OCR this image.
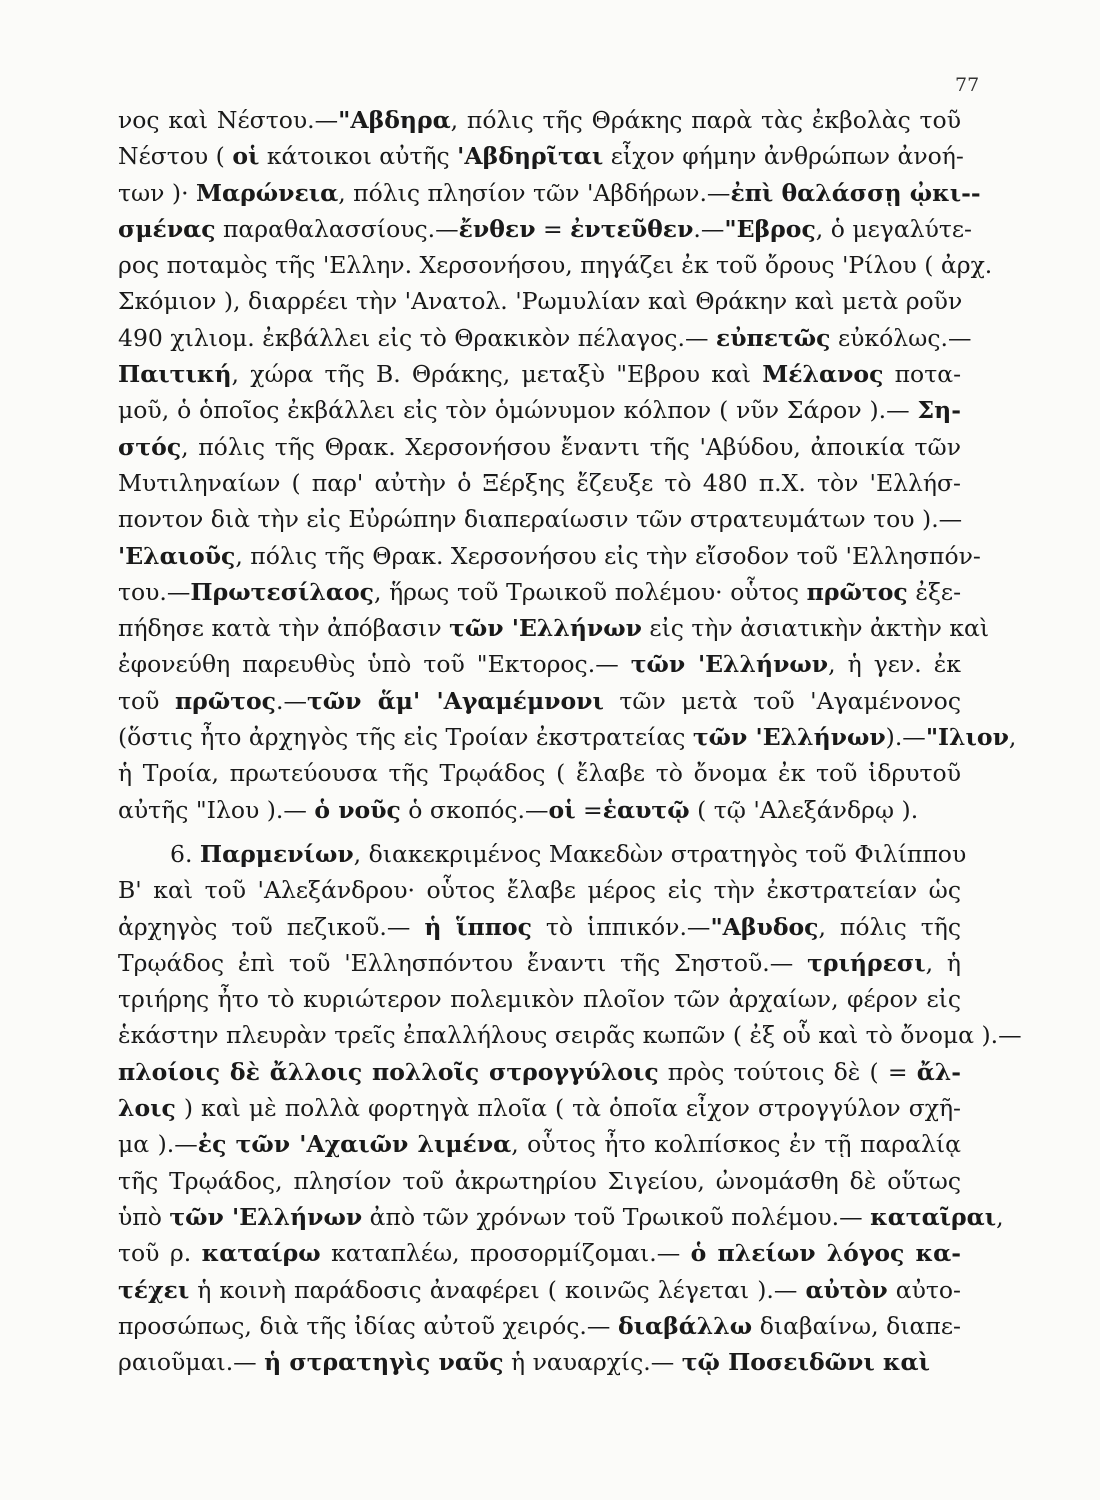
77
νος καὶ Νέστου.—"Αβδηρα, πόλις τῆς Θράκης παρὰ τὰς ἐκβολὰς τοῦ
Νέστου ( οἱ κάτοικοι αὐτῆς 'Αβδηρῖται εἶχον φήμην ἀνθρώπων ἀνοή-
των )· Μαρώνεια, πόλις πλησίον τῶν 'Αβδήρων.—ἐπὶ θαλάσσῃ ᾠκι--
σμένας παραθαλασσίους.—ἔνθεν = ἐντεῦθεν.—"Εβρος, ὁ μεγαλύτε-
ρος ποταμὸς τῆς 'Ελλην. Χερσονήσου, πηγάζει ἐκ τοῦ ὄρους 'Ρίλου ( ἀρχ.
Σκόμιον ), διαρρέει τὴν 'Ανατολ. 'Ρωμυλίαν καὶ Θράκην καὶ μετὰ ροῦν
490 χιλιομ. ἐκβάλλει εἰς τὸ Θρακικὸν πέλαγος.— εὐπετῶς εὐκόλως.—
Παιτική, χώρα τῆς Β. Θράκης, μεταξὺ "Εβρου καὶ Μέλανος ποτα-
μοῦ, ὁ ὁποῖος ἐκβάλλει εἰς τὸν ὁμώνυμον κόλπον ( νῦν Σάρον ).— Ση-
στός, πόλις τῆς Θρακ. Χερσονήσου ἔναντι τῆς 'Αβύδου, ἀποικία τῶν
Μυτιληναίων ( παρ' αὐτὴν ὁ Ξέρξης ἔζευξε τὸ 480 π.Χ. τὸν 'Ελλήσ-
ποντον διὰ τὴν εἰς Εὐρώπην διαπεραίωσιν τῶν στρατευμάτων του ).—
'Ελαιοῦς, πόλις τῆς Θρακ. Χερσονήσου εἰς τὴν εἴσοδον τοῦ 'Ελλησπόν-
του.—Πρωτεσίλαος, ἥρως τοῦ Τρωικοῦ πολέμου· οὗτος πρῶτος ἐξε-
πήδησε κατὰ τὴν ἀπόβασιν τῶν 'Ελλήνων εἰς τὴν ἀσιατικὴν ἀκτὴν καὶ
ἐφονεύθη παρευθὺς ὑπὸ τοῦ "Εκτορος.— τῶν 'Ελλήνων, ἡ γεν. ἐκ
τοῦ πρῶτος.—τῶν ἅμ' 'Αγαμέμνονι τῶν μετὰ τοῦ 'Αγαμένονος
(ὅστις ἦτο ἀρχηγὸς τῆς εἰς Τροίαν ἐκστρατείας τῶν 'Ελλήνων).—"Ιλιον,
ἡ Τροία, πρωτεύουσα τῆς Τρῳάδος ( ἔλαβε τὸ ὄνομα ἐκ τοῦ ἱδρυτοῦ
αὐτῆς "Ιλου ).— ὁ νοῦς ὁ σκοπός.—οἱ =ἑαυτῷ ( τῷ 'Αλεξάνδρῳ ).
6. Παρμενίων, διακεκριμένος Μακεδὼν στρατηγὸς τοῦ Φιλίππου
Β' καὶ τοῦ 'Αλεξάνδρου· οὗτος ἔλαβε μέρος εἰς τὴν ἐκστρατείαν ὡς
ἀρχηγὸς τοῦ πεζικοῦ.— ἡ ἵππος τὸ ἱππικόν.—"Αβυδος, πόλις τῆς
Τρῳάδος ἐπὶ τοῦ 'Ελλησπόντου ἔναντι τῆς Σηστοῦ.— τριήρεσι, ἡ
τριήρης ἦτο τὸ κυριώτερον πολεμικὸν πλοῖον τῶν ἀρχαίων, φέρον εἰς
ἑκάστην πλευρὰν τρεῖς ἐπαλλήλους σειρᾶς κωπῶν ( ἐξ οὗ καὶ τὸ ὄνομα ).—
πλοίοις δὲ ἄλλοις πολλοῖς στρογγύλοις πρὸς τούτοις δὲ ( = ἄλ-
λοις ) καὶ μὲ πολλὰ φορτηγὰ πλοῖα ( τὰ ὁποῖα εἶχον στρογγύλον σχῆ-
μα ).—ἐς τῶν 'Αχαιῶν λιμένα, οὗτος ἦτο κολπίσκος ἐν τῇ παραλίᾳ
τῆς Τρῳάδος, πλησίον τοῦ ἀκρωτηρίου Σιγείου, ὠνομάσθη δὲ οὕτως
ὑπὸ τῶν 'Ελλήνων ἀπὸ τῶν χρόνων τοῦ Τρωικοῦ πολέμου.— καταῖραι,
τοῦ ρ. καταίρω καταπλέω, προσορμίζομαι.— ὁ πλείων λόγος κα-
τέχει ἡ κοινὴ παράδοσις ἀναφέρει ( κοινῶς λέγεται ).— αὐτὸν αὐτο-
προσώπως, διὰ τῆς ἰδίας αὐτοῦ χειρός.— διαβάλλω διαβαίνω, διαπε-
ραιοῦμαι.— ἡ στρατηγὶς ναῦς ἡ ναυαρχίς.— τῷ Ποσειδῶνι καὶ
